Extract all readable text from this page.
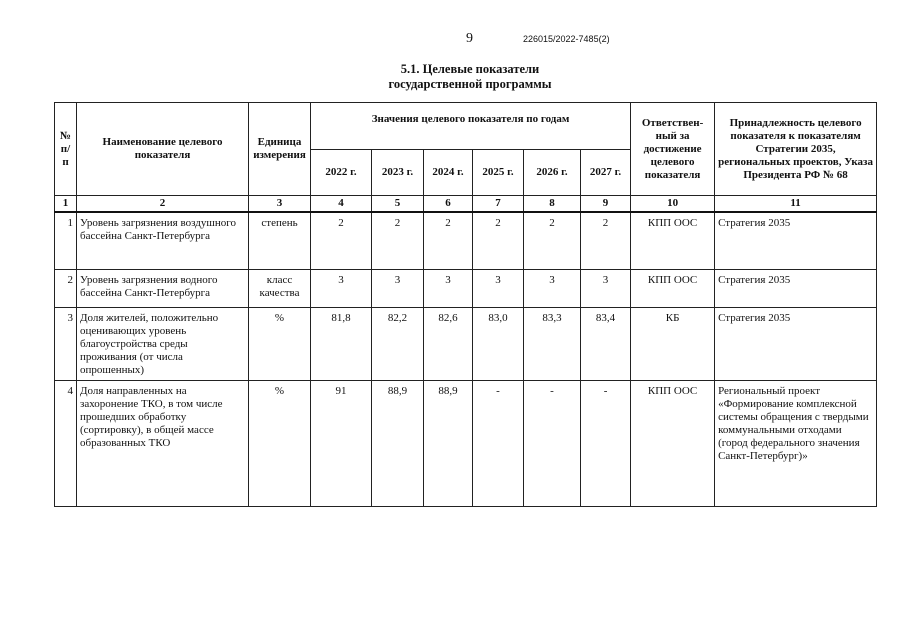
9	226015/2022-7485(2)
5.1. Целевые показатели
государственной программы
№ п/п	Наименование целевого показателя	Единица измерения	Значения целевого показателя по годам						Ответствен- ный за достижение целевого показателя	Принадлежность целевого показателя к показателям Стратегии 2035, региональных проектов, Указа Президента РФ № 68
			2022 г.	2023 г.	2024 г.	2025 г.	2026 г.	2027 г.		
1	2	3	4	5	6	7	8	9	10	11
1	Уровень загрязнения воздушного бассейна Санкт-Петербурга	степень	2	2	2	2	2	2	КПП ООС	Стратегия 2035
2	Уровень загрязнения водного бассейна Санкт-Петербурга	класс качества	3	3	3	3	3	3	КПП ООС	Стратегия 2035
3	Доля жителей, положительно оценивающих уровень благоустройства среды проживания (от числа опрошенных)	%	81,8	82,2	82,6	83,0	83,3	83,4	КБ	Стратегия 2035
4	Доля направленных на захоронение ТКО, в том числе прошедших обработку (сортировку), в общей массе образованных ТКО	%	91	88,9	88,9	-	-	-	КПП ООС	Региональный проект «Формирование комплексной системы обращения с твердыми коммунальными отходами (город федерального значения Санкт-Петербург)»
